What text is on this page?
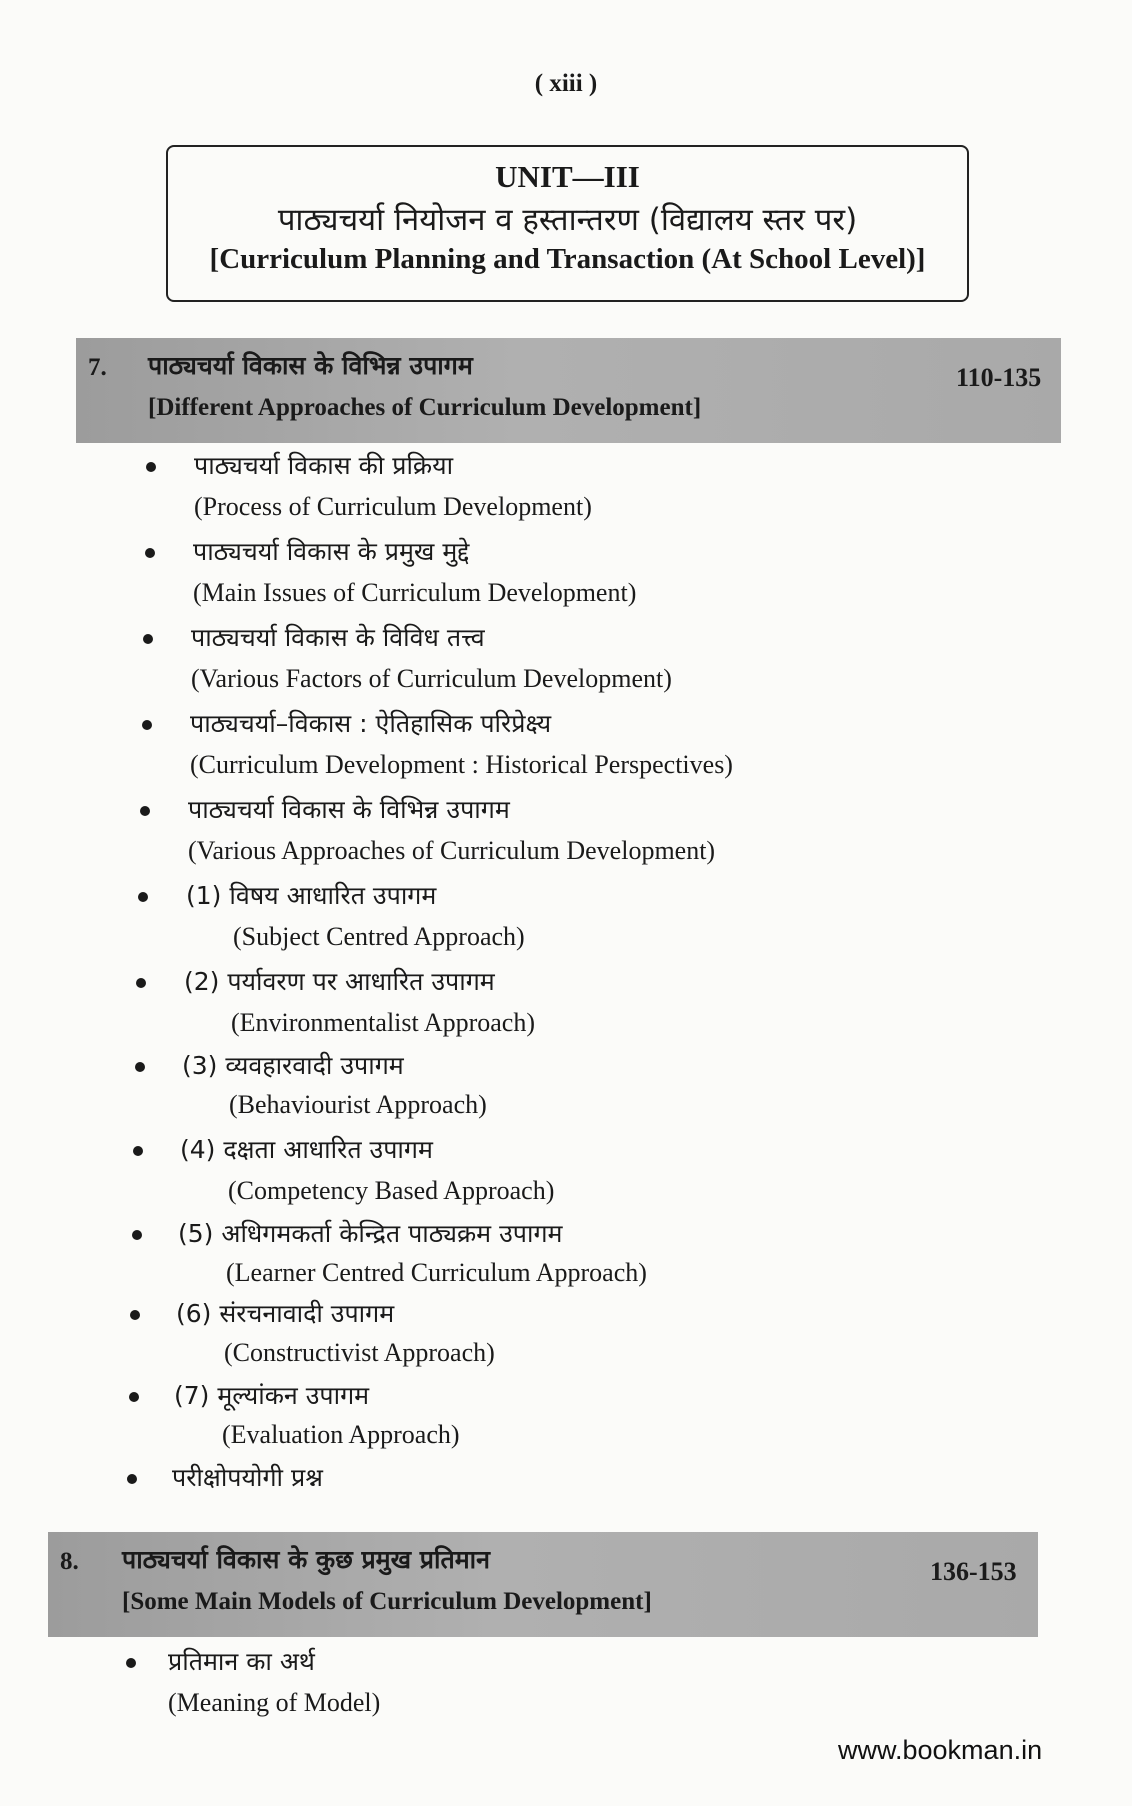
( xiii )
UNIT—III
पाठ्यचर्या नियोजन व हस्तान्तरण (विद्यालय स्तर पर)
[Curriculum Planning and Transaction (At School Level)]
7. पाठ्यचर्या विकास के विभिन्न उपागम
[Different Approaches of Curriculum Development]
110-135
पाठ्यचर्या विकास की प्रक्रिया
(Process of Curriculum Development)
पाठ्यचर्या विकास के प्रमुख मुद्दे
(Main Issues of Curriculum Development)
पाठ्यचर्या विकास के विविध तत्त्व
(Various Factors of Curriculum Development)
पाठ्यचर्या–विकास : ऐतिहासिक परिप्रेक्ष्य
(Curriculum Development : Historical Perspectives)
पाठ्यचर्या विकास के विभिन्न उपागम
(Various Approaches of Curriculum Development)
(1) विषय आधारित उपागम
(Subject Centred Approach)
(2) पर्यावरण पर आधारित उपागम
(Environmentalist Approach)
(3) व्यवहारवादी उपागम
(Behaviourist Approach)
(4) दक्षता आधारित उपागम
(Competency Based Approach)
(5) अधिगमकर्ता केन्द्रित पाठ्यक्रम उपागम
(Learner Centred Curriculum Approach)
(6) संरचनावादी उपागम
(Constructivist Approach)
(7) मूल्यांकन उपागम
(Evaluation Approach)
परीक्षोपयोगी प्रश्न
8. पाठ्यचर्या विकास के कुछ प्रमुख प्रतिमान
[Some Main Models of Curriculum Development]
136-153
प्रतिमान का अर्थ
(Meaning of Model)
www.bookman.in
